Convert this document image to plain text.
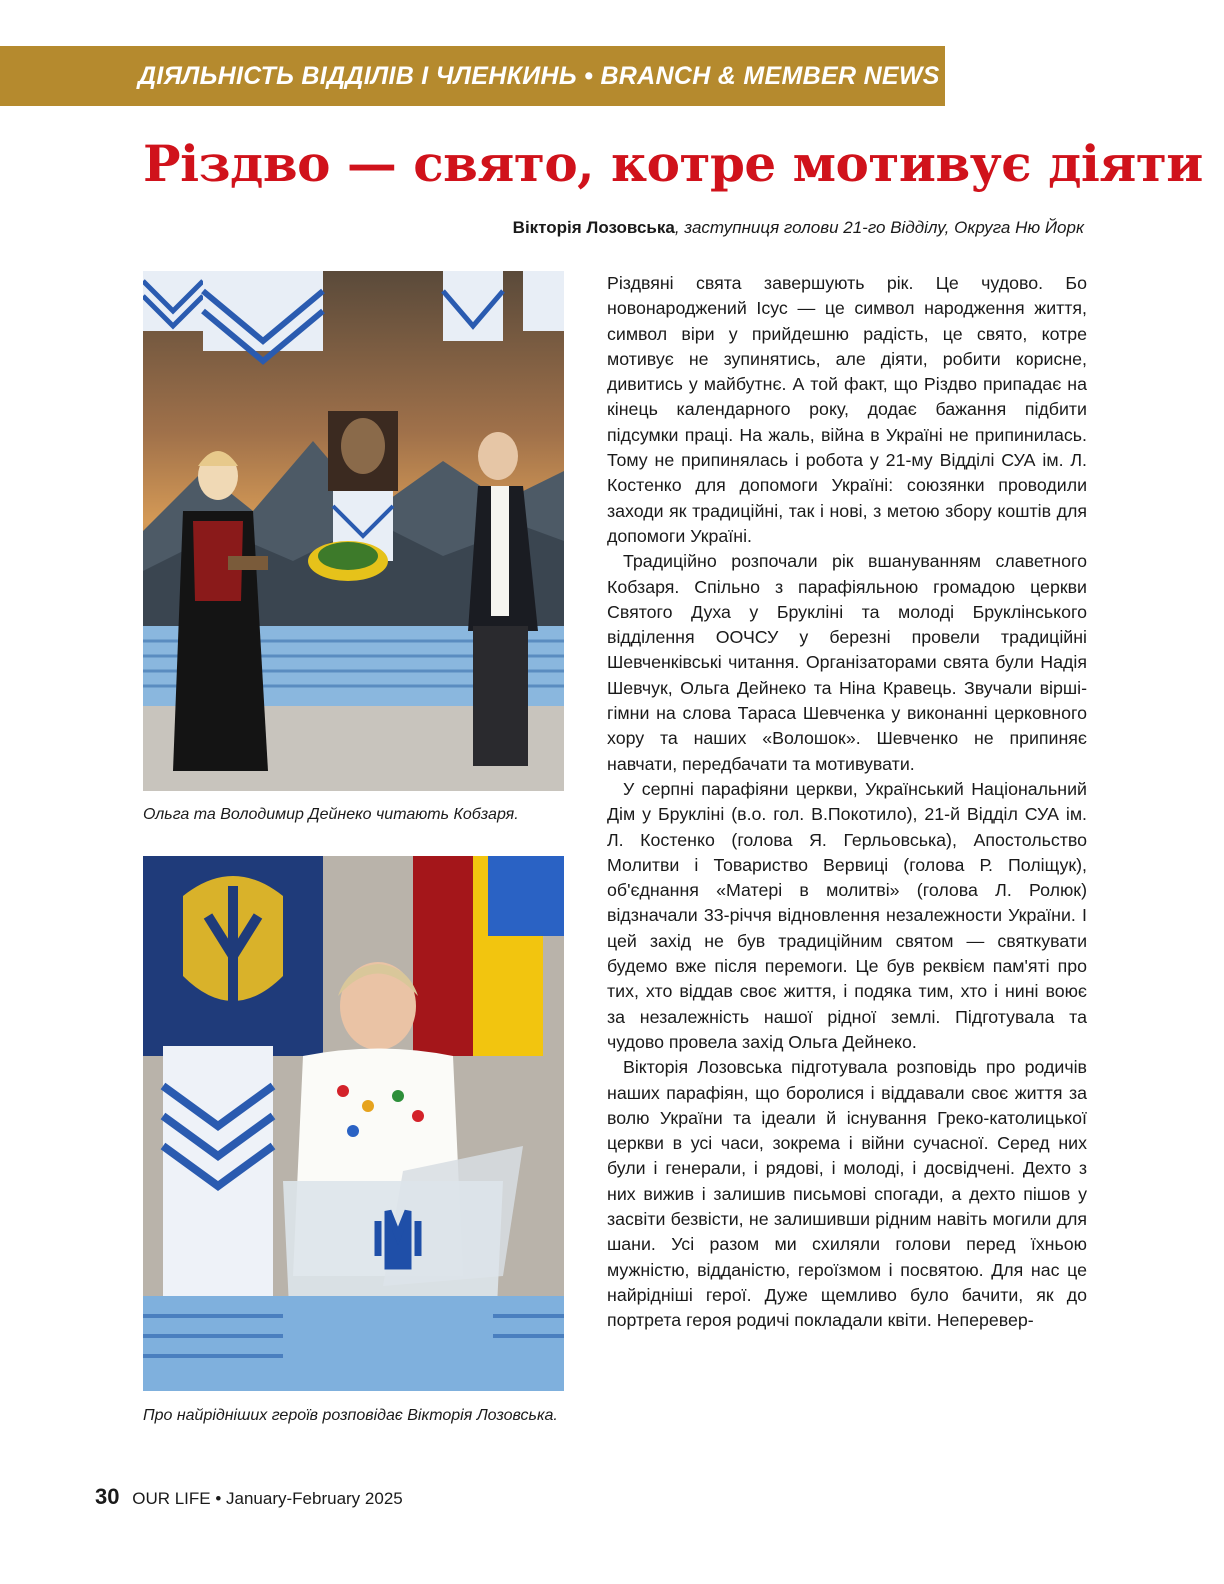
ДІЯЛЬНІСТЬ ВІДДІЛІВ І ЧЛЕНКИНЬ • BRANCH & MEMBER NEWS
Різдво — свято, котре мотивує діяти
Вікторія Лозовська, заступниця голови 21-го Відділу, Округа Ню Йорк
Ольга та Володимир Дейнеко читають Кобзаря.
Про найрідніших героїв розповідає Вікторія Лозовська.

Різдвяні свята завершують рік. Це чудово. Бо новонароджений Ісус — це символ народження життя, символ віри у прийдешню радість, це свято, котре мотивує не зупинятись, але діяти, робити корисне, дивитись у майбутнє. А той факт, що Різдво припадає на кінець календарного року, додає бажання підбити підсумки праці. На жаль, війна в Україні не припинилась. Тому не припинялась і робота у 21-му Відділі СУА ім. Л. Костенко для допомоги Україні: союзянки проводили заходи як традиційні, так і нові, з метою збору коштів для допомоги Україні.

Традиційно розпочали рік вшануванням славетного Кобзаря. Спільно з парафіяльною громадою церкви Святого Духа у Брукліні та молоді Бруклінського відділення ООЧСУ у березні провели традиційні Шевченківські читання. Організаторами свята були Надія Шевчук, Ольга Дейнеко та Ніна Кравець. Звучали вірші-гімни на слова Тараса Шевченка у виконанні церковного хору та наших «Волошок». Шевченко не припиняє навчати, передбачати та мотивувати.

У серпні парафіяни церкви, Український Національний Дім у Брукліні (в.о. гол. В.Покотило), 21-й Відділ СУА ім. Л. Костенко (голова Я. Герльовська), Апостольство Молитви і Товариство Вервиці (голова Р. Поліщук), об'єднання «Матері в молитві» (голова Л. Ролюк) відзначали 33-річчя відновлення незалежности України. І цей захід не був традиційним святом — святкувати будемо вже після перемоги. Це був реквієм пам'яті про тих, хто віддав своє життя, і подяка тим, хто і нині воює за незалежність нашої рідної землі. Підготувала та чудово провела захід Ольга Дейнеко.

Вікторія Лозовська підготувала розповідь про родичів наших парафіян, що боролися і віддавали своє життя за волю України та ідеали й існування Греко-католицької церкви в усі часи, зокрема і війни сучасної. Серед них були і генерали, і рядові, і молоді, і досвідчені. Дехто з них вижив і залишив письмові спогади, а дехто пішов у засвіти безвісти, не залишивши рідним навіть могили для шани. Усі разом ми схиляли голови перед їхньою мужністю, відданістю, героїзмом і посвятою. Для нас це найрідніші герої. Дуже щемливо було бачити, як до портрета героя родичі покладали квіти. Неперевер-

30 OUR LIFE • January-February 2025
